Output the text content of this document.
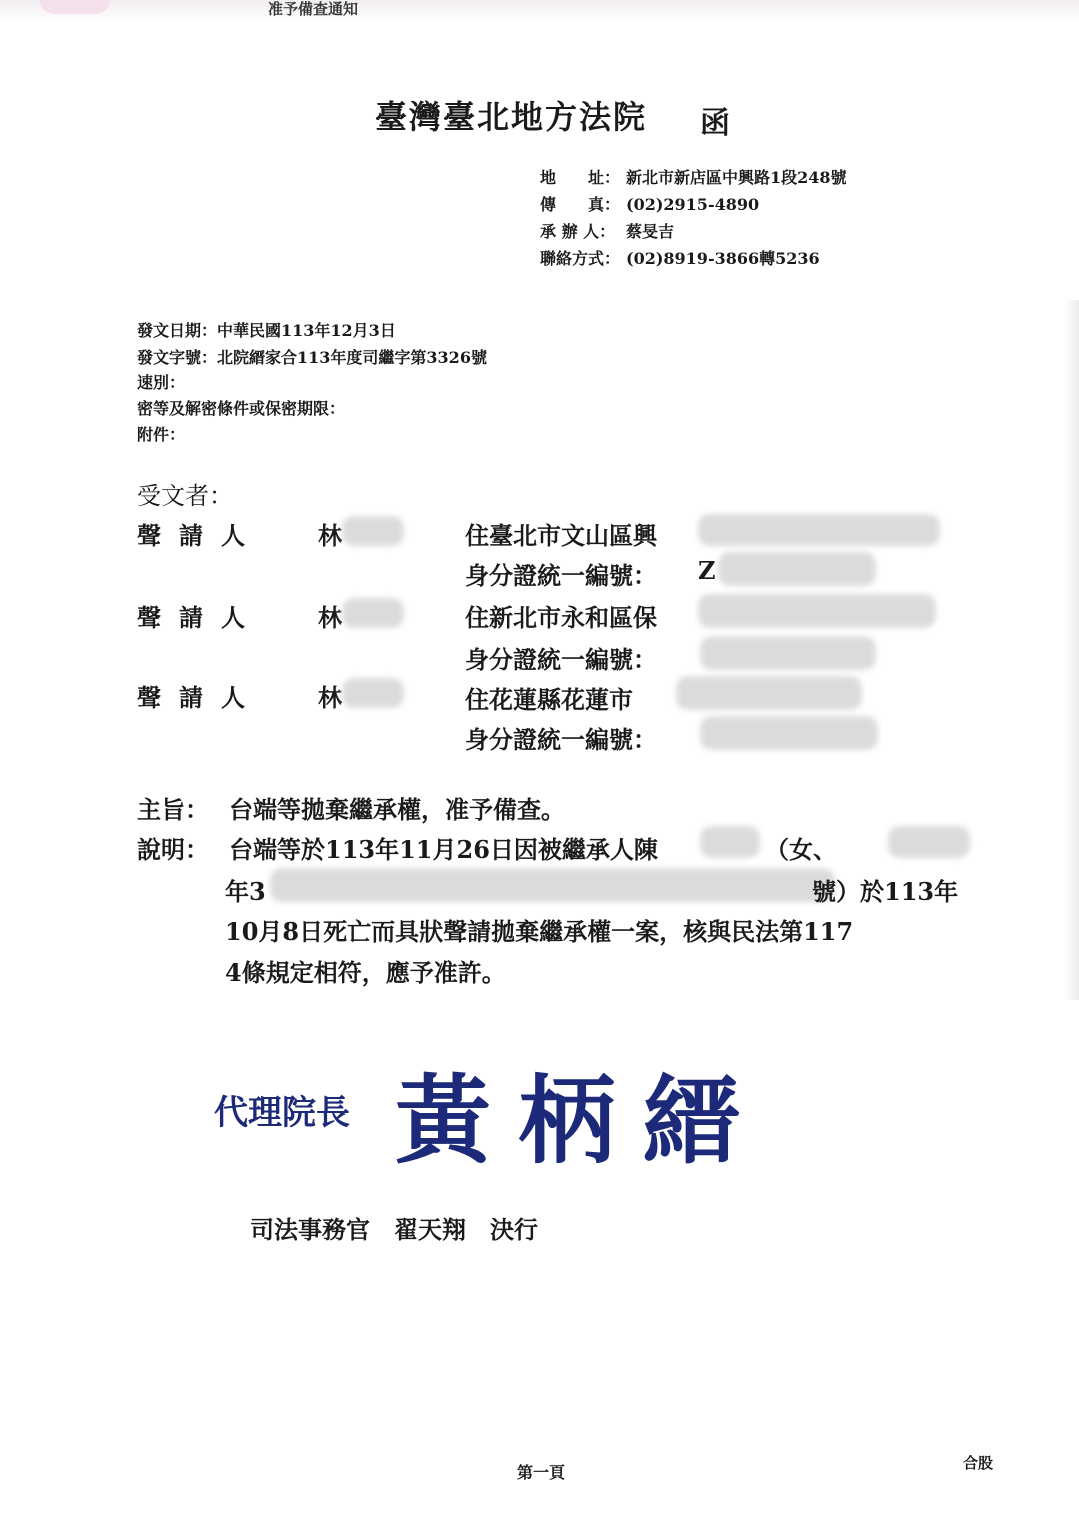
准予備查通知
臺灣臺北地方法院 函
地　　址： 新北市新店區中興路1段248號
傳　　真： (02)2915-4890
承 辦 人： 蔡旻吉
聯絡方式： (02)8919-3866轉5236
發文日期：中華民國113年12月3日
發文字號：北院縉家合113年度司繼字第3326號
速別：
密等及解密條件或保密期限：
附件：
受文者：
聲請人 林	住臺北市文山區興
身分證統一編號： Z
聲請人 林	住新北市永和區保
身分證統一編號：
聲請人 林	住花蓮縣花蓮市
身分證統一編號：
主旨： 台端等拋棄繼承權，准予備查。
說明： 台端等於113年11月26日因被繼承人陳	（女、
年3	號）於113年
10月8日死亡而具狀聲請拋棄繼承權一案，核與民法第117
4條規定相符，應予准許。
代理院長 黃柄縉
司法事務官　翟天翔　決行
第一頁	合股
